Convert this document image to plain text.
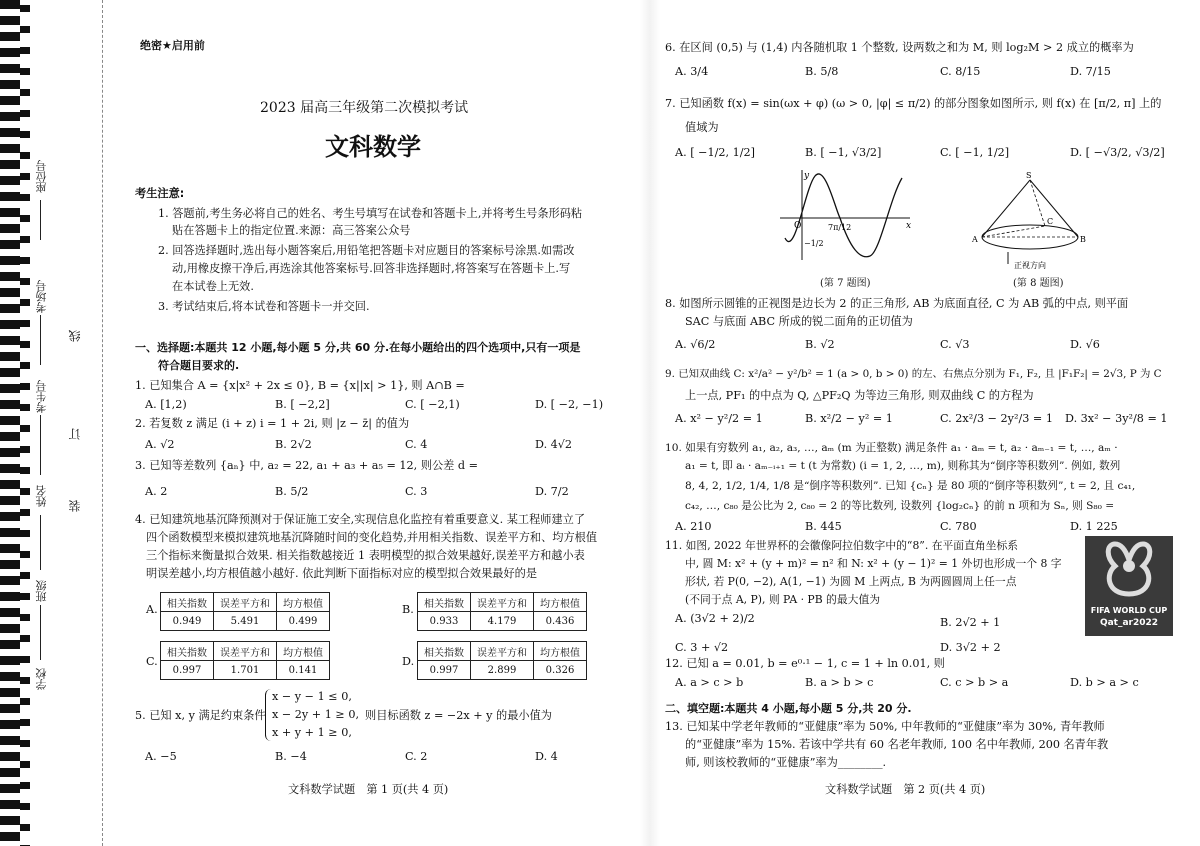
座位号
考场号
考生号
姓名
班级
学校
线
订
装
绝密★启用前
2023 届高三年级第二次模拟考试
文科数学
考生注意:
1. 答题前,考生务必将自己的姓名、考生号填写在试卷和答题卡上,并将考生号条形码粘
贴在答题卡上的指定位置.来源：高三答案公众号
2. 回答选择题时,选出每小题答案后,用铅笔把答题卡对应题目的答案标号涂黑.如需改
动,用橡皮擦干净后,再选涂其他答案标号.回答非选择题时,将答案写在答题卡上.写
在本试卷上无效.
3. 考试结束后,将本试卷和答题卡一并交回.
一、选择题:本题共 12 小题,每小题 5 分,共 60 分.在每小题给出的四个选项中,只有一项是
符合题目要求的.
1. 已知集合 A = {x|x² + 2x ≤ 0}, B = {x||x| > 1}, 则 A∩B =
A. [1,2)	B. [ −2,2]	C. [ −2,1)	D. [ −2, −1)
2. 若复数 z 满足 (i + z) i = 1 + 2i, 则 |z − z̄| 的值为
A. √2	B. 2√2	C. 4	D. 4√2
3. 已知等差数列 {aₙ} 中, a₂ = 22, a₁ + a₃ + a₅ = 12, 则公差 d =
A. 2	B. 5/2	C. 3	D. 7/2
4. 已知建筑地基沉降预测对于保证施工安全,实现信息化监控有着重要意义. 某工程师建立了
四个函数模型来模拟建筑地基沉降随时间的变化趋势,并用相关指数、误差平方和、均方根值
三个指标来衡量拟合效果. 相关指数越接近 1 表明模型的拟合效果越好,误差平方和越小表
明误差越小,均方根值越小越好. 依此判断下面指标对应的模型拟合效果最好的是
A. 相关指数	误差平方和	均方根值
0.949	5.491	0.499
B. 相关指数	误差平方和	均方根值
0.933	4.179	0.436
C.
相关指数	误差平方和	均方根值
0.997	1.701	0.141
D.
相关指数	误差平方和	均方根值
0.997	2.899	0.326
5. 已知 x, y 满足约束条件
x − y − 1 ≤ 0,
x − 2y + 1 ≥ 0,
x + y + 1 ≥ 0,
则目标函数 z = −2x + y 的最小值为
A. −5	B. −4	C. 2	D. 4
文科数学试题　第 1 页(共 4 页)
6. 在区间 (0,5) 与 (1,4) 内各随机取 1 个整数, 设两数之和为 M, 则 log₂M > 2 成立的概率为
A. 3/4	B. 5/8	C. 8/15	D. 7/15
7. 已知函数 f(x) = sin(ωx + φ) (ω > 0, |φ| ≤ π/2) 的部分图象如图所示, 则 f(x) 在 [π/2, π] 上的
值域为
A. [ −1/2, 1/2]	B. [ −1, √3/2]	C. [ −1, 1/2]	D. [ −√3/2, √3/2]
y
O	x
7π/12
−1/2
(第 7 题图)
S
A	B
C
正视方向
(第 8 题图)
8. 如图所示圆锥的正视图是边长为 2 的正三角形, AB 为底面直径, C 为 AB 弧的中点, 则平面
SAC 与底面 ABC 所成的锐二面角的正切值为
A. √6/2	B. √2	C. √3	D. √6
9. 已知双曲线 C: x²/a² − y²/b² = 1 (a > 0, b > 0) 的左、右焦点分别为 F₁, F₂, 且 |F₁F₂| = 2√3, P 为 C
上一点, PF₁ 的中点为 Q, △PF₂Q 为等边三角形, 则双曲线 C 的方程为
A. x² − y²/2 = 1	B. x²/2 − y² = 1	C. 2x²/3 − 2y²/3 = 1 D. 3x² − 3y²/8 = 1
10. 如果有穷数列 a₁, a₂, a₃, …, aₘ (m 为正整数) 满足条件 a₁ · aₘ = t, a₂ · aₘ₋₁ = t, …, aₘ ·
a₁ = t, 即 aᵢ · aₘ₋ᵢ₊₁ = t (t 为常数) (i = 1, 2, …, m), 则称其为“倒序等积数列”. 例如, 数列
8, 4, 2, 1/2, 1/4, 1/8 是“倒序等积数列”. 已知 {cₙ} 是 80 项的“倒序等积数列”, t = 2, 且 c₄₁,
c₄₂, …, c₈₀ 是公比为 2, c₈₀ = 2 的等比数列, 设数列 {log₂cₙ} 的前 n 项和为 Sₙ, 则 S₈₀ =
A. 210	B. 445	C. 780	D. 1 225
11. 如图, 2022 年世界杯的会徽像阿拉伯数字中的“8”. 在平面直角坐标系
中, 圆 M: x² + (y + m)² = n² 和 N: x² + (y − 1)² = 1 外切也形成一个 8 字
形状, 若 P(0, −2), A(1, −1) 为圆 M 上两点, B 为两圆圆周上任一点
(不同于点 A, P), 则 PA · PB 的最大值为
FIFA WORLD CUP
Qat_ar2022
A. (3√2 + 2)/2	B. 2√2 + 1
C. 3 + √2	D. 3√2 + 2
12. 已知 a = 0.01, b = e⁰·¹ − 1, c = 1 + ln 0.01, 则
A. a > c > b	B. a > b > c	C. c > b > a	D. b > a > c
二、填空题:本题共 4 小题,每小题 5 分,共 20 分.
13. 已知某中学老年教师的“亚健康”率为 50%, 中年教师的“亚健康”率为 30%, 青年教师
的“亚健康”率为 15%. 若该中学共有 60 名老年教师, 100 名中年教师, 200 名青年教
师, 则该校教师的“亚健康”率为________.
文科数学试题　第 2 页(共 4 页)
